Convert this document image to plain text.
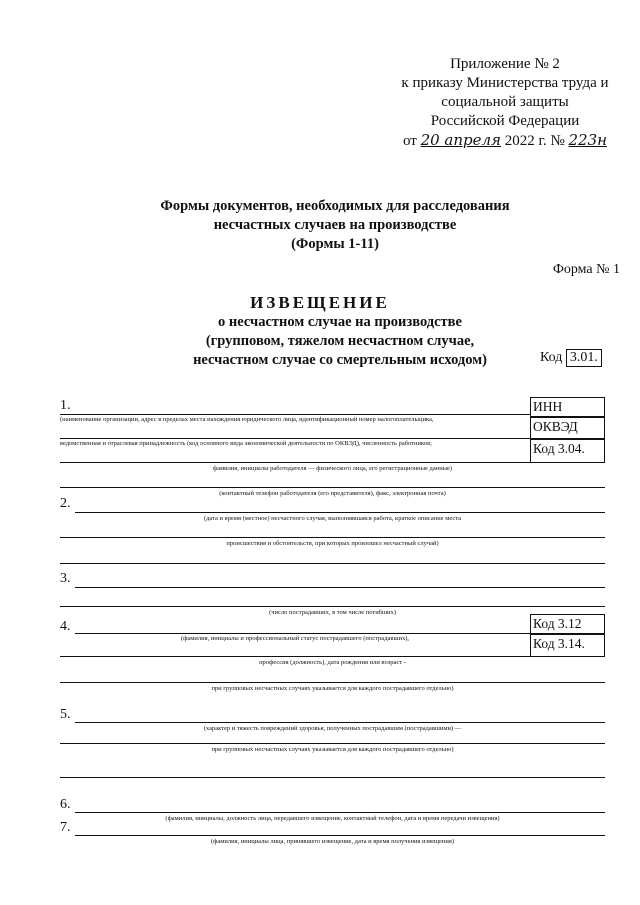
Приложение № 2
к приказу Министерства труда и
социальной защиты
Российской Федерации
от 20 апреля 2022 г. № 223н
Формы документов, необходимых для расследования
несчастных случаев на производстве
(Формы 1-11)
Форма № 1
ИЗВЕЩЕНИЕ
о несчастном случае на производстве
(групповом, тяжелом несчастном случае,
несчастном случае со смертельным исходом)	Код 3.01.
1.
(наименование организации, адрес в пределах места нахождения юридического лица, идентификационный номер налогоплательщика,
ведомственная и отраслевая принадлежность (код основного вида экономической деятельности по ОКВЭД), численность работников;
фамилия, инициалы работодателя — физического лица, его регистрационные данные)
(контактный телефон работодателя (его представителя), факс, электронная почта)
ИНН
ОКВЭД
Код 3.04.
2.
(дата и время (местное) несчастного случая, выполнявшаяся работа, краткое описание места
происшествия и обстоятельств, при которых произошел несчастный случай)
3.
(число пострадавших, в том числе погибших)
4.
(фамилия, инициалы и профессиональный статус пострадавшего (пострадавших),
профессия (должность), дата рождения или возраст -
при групповых несчастных случаях указывается для каждого пострадавшего отдельно)
Код 3.12
Код 3.14.
5.
(характер и тяжесть повреждений здоровья, полученных пострадавшим (пострадавшими) —
при групповых несчастных случаях указывается для каждого пострадавшего отдельно)
6.
(фамилия, инициалы, должность лица, передавшего извещение, контактный телефон, дата и время передачи извещения)
7.
(фамилия, инициалы лица, принявшего извещение, дата и время получения извещения)
